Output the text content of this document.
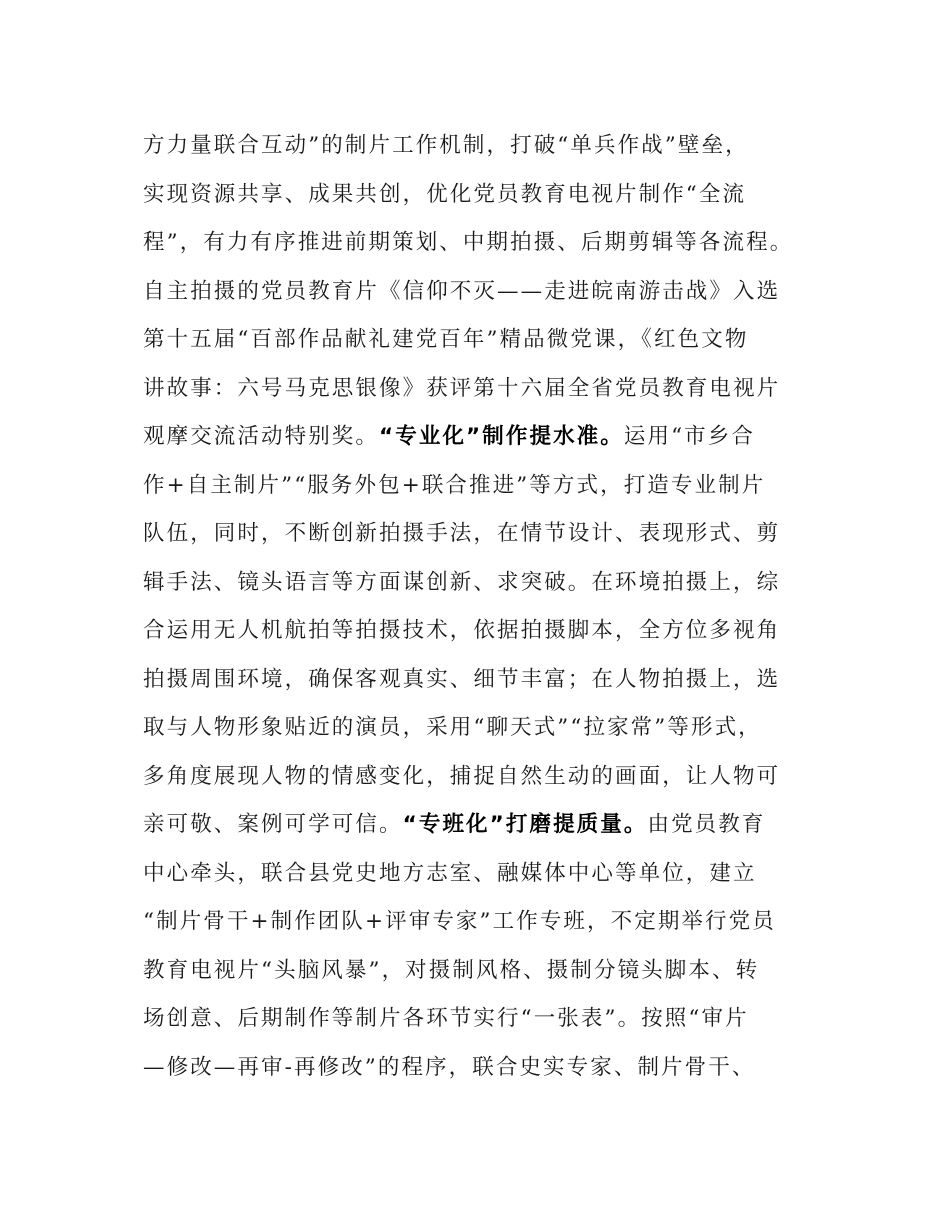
方力量联合互动”的制片工作机制，打破“单兵作战”壁垒，
实现资源共享、成果共创，优化党员教育电视片制作“全流
程”，有力有序推进前期策划、中期拍摄、后期剪辑等各流程。
自主拍摄的党员教育片《信仰不灭——走进皖南游击战》入选
第十五届“百部作品献礼建党百年”精品微党课，《红色文物
讲故事：六号马克思银像》获评第十六届全省党员教育电视片
观摩交流活动特别奖。“专业化”制作提水准。运用“市乡合
作+自主制片”“服务外包+联合推进”等方式，打造专业制片
队伍，同时，不断创新拍摄手法，在情节设计、表现形式、剪
辑手法、镜头语言等方面谋创新、求突破。在环境拍摄上，综
合运用无人机航拍等拍摄技术，依据拍摄脚本，全方位多视角
拍摄周围环境，确保客观真实、细节丰富；在人物拍摄上，选
取与人物形象贴近的演员，采用“聊天式”“拉家常”等形式，
多角度展现人物的情感变化，捕捉自然生动的画面，让人物可
亲可敬、案例可学可信。“专班化”打磨提质量。由党员教育
中心牵头，联合县党史地方志室、融媒体中心等单位，建立
“制片骨干+制作团队+评审专家”工作专班，不定期举行党员
教育电视片“头脑风暴”，对摄制风格、摄制分镜头脚本、转
场创意、后期制作等制片各环节实行“一张表”。按照“审片
—修改—再审-再修改”的程序，联合史实专家、制片骨干、
